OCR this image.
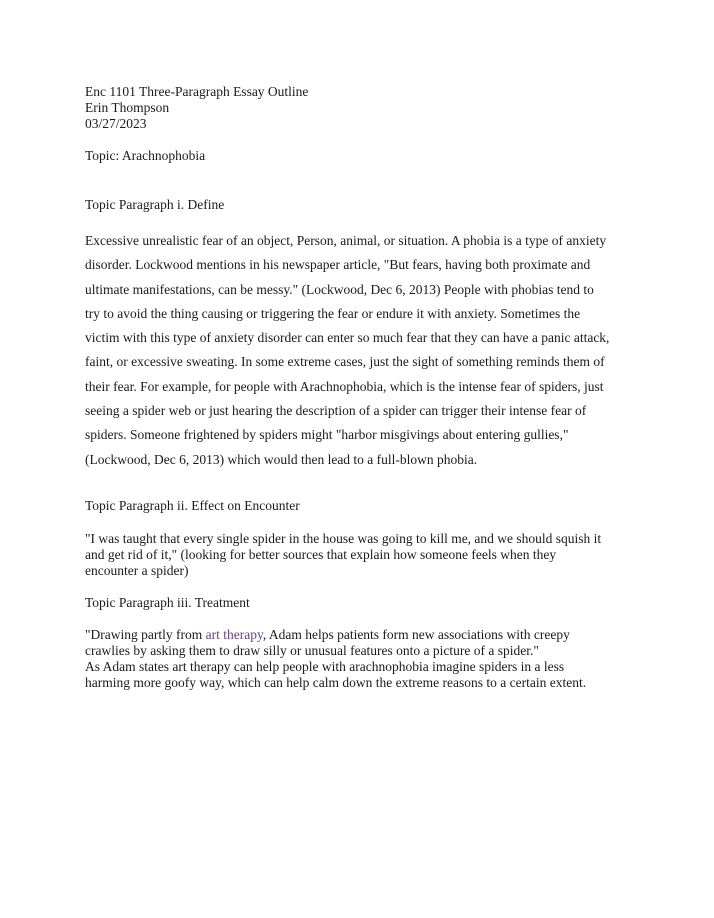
Enc 1101 Three-Paragraph Essay Outline
Erin Thompson
03/27/2023
Topic: Arachnophobia
Topic Paragraph i. Define
Excessive unrealistic fear of an object, Person, animal, or situation. A phobia is a type of anxiety
disorder. Lockwood mentions in his newspaper article, "But fears, having both proximate and
ultimate manifestations, can be messy." (Lockwood, Dec 6, 2013) People with phobias tend to
try to avoid the thing causing or triggering the fear or endure it with anxiety. Sometimes the
victim with this type of anxiety disorder can enter so much fear that they can have a panic attack,
faint, or excessive sweating. In some extreme cases, just the sight of something reminds them of
their fear. For example, for people with Arachnophobia, which is the intense fear of spiders, just
seeing a spider web or just hearing the description of a spider can trigger their intense fear of
spiders. Someone frightened by spiders might "harbor misgivings about entering gullies,"
(Lockwood, Dec 6, 2013) which would then lead to a full-blown phobia.
Topic Paragraph ii. Effect on Encounter
"I was taught that every single spider in the house was going to kill me, and we should squish it
and get rid of it," (looking for better sources that explain how someone feels when they
encounter a spider)
Topic Paragraph iii. Treatment
"Drawing partly from art therapy, Adam helps patients form new associations with creepy
crawlies by asking them to draw silly or unusual features onto a picture of a spider."
As Adam states art therapy can help people with arachnophobia imagine spiders in a less
harming more goofy way, which can help calm down the extreme reasons to a certain extent.
